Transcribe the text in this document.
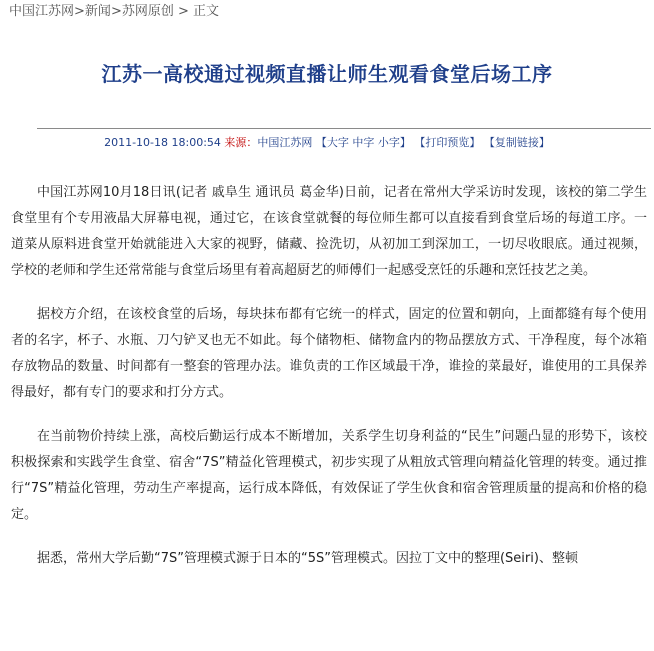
中国江苏网>新闻>苏网原创 > 正文
江苏一高校通过视频直播让师生观看食堂后场工序
2011-10-18 18:00:54 来源：中国江苏网 【大字 中字 小字】 【打印预览】 【复制链接】

中国江苏网10月18日讯(记者 戚阜生 通讯员 葛金华)日前，记者在常州大学采访时发现，该校的第二学生食堂里有个专用液晶大屏幕电视，通过它，在该食堂就餐的每位师生都可以直接看到食堂后场的每道工序。一道菜从原料进食堂开始就能进入大家的视野，储藏、捡洗切，从初加工到深加工，一切尽收眼底。通过视频，学校的老师和学生还常常能与食堂后场里有着高超厨艺的师傅们一起感受烹饪的乐趣和烹饪技艺之美。

据校方介绍，在该校食堂的后场，每块抹布都有它统一的样式，固定的位置和朝向，上面都缝有每个使用者的名字，杯子、水瓶、刀勺铲叉也无不如此。每个储物柜、储物盒内的物品摆放方式、干净程度，每个冰箱存放物品的数量、时间都有一整套的管理办法。谁负责的工作区域最干净，谁捡的菜最好，谁使用的工具保养得最好，都有专门的要求和打分方式。

在当前物价持续上涨，高校后勤运行成本不断增加，关系学生切身利益的“民生”问题凸显的形势下，该校积极探索和实践学生食堂、宿舍“7S”精益化管理模式，初步实现了从粗放式管理向精益化管理的转变。通过推行“7S”精益化管理，劳动生产率提高，运行成本降低，有效保证了学生伙食和宿舍管理质量的提高和价格的稳定。

据悉，常州大学后勤“7S”管理模式源于日本的“5S”管理模式。因拉丁文中的整理(Seiri)、整顿
